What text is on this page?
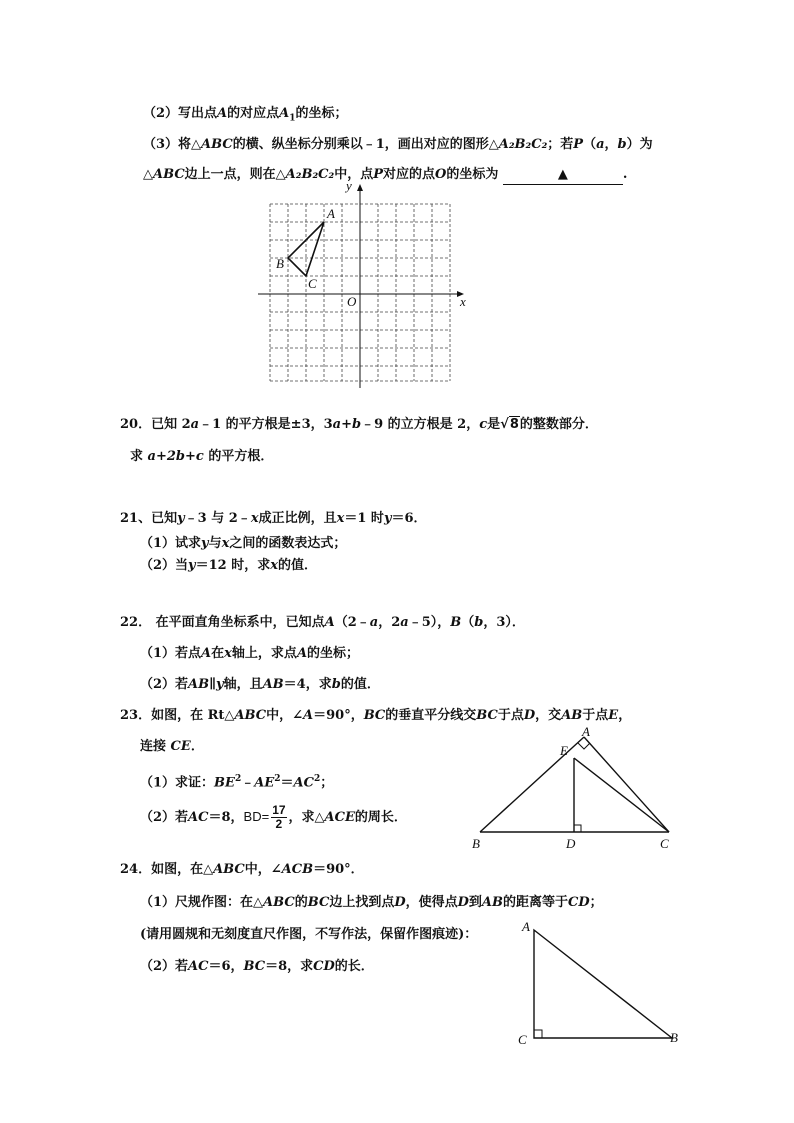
（2）写出点A的对应点$A_1$的坐标；
（3）将△ABC的横、纵坐标分别乘以﹣1，画出对应的图形△A₂B₂C₂；若P（a，b）为
△ABC边上一点，则在△A₂B₂C₂中，点P对应的点O的坐标为	▲	.
A
B
C
O	x
y
20．已知 2a﹣1 的平方根是±3，3a+b﹣9 的立方根是 2，c是√8的整数部分．
求 a+2b+c 的平方根．
21、已知y﹣3 与 2﹣x成正比例，且x＝1 时y＝6．
（1）试求y与x之间的函数表达式；
（2）当y＝12 时，求x的值．
22． 在平面直角坐标系中，已知点A（2﹣a，2a﹣5），B（b，3）．
（1）若点A在x轴上，求点A的坐标；
（2）若AB∥y轴，且AB＝4，求b的值．
23．如图，在 Rt△ABC中，∠A＝90°，BC的垂直平分线交BC于点D，交AB于点E，
连接 CE．
（1）求证：$BE^2﹣AE^2=AC^2$；
（2）若AC＝8，$BD= \frac{17}{2}$ ，求△ACE的周长．
A
E
B	D	C
24．如图，在△ABC中，∠ACB＝90°．
（1）尺规作图：在△ABC的BC边上找到点D，使得点D到AB的距离等于CD；
(请用圆规和无刻度直尺作图，不写作法，保留作图痕迹)：
（2）若AC＝6，BC＝8，求CD的长．
A
C	B
